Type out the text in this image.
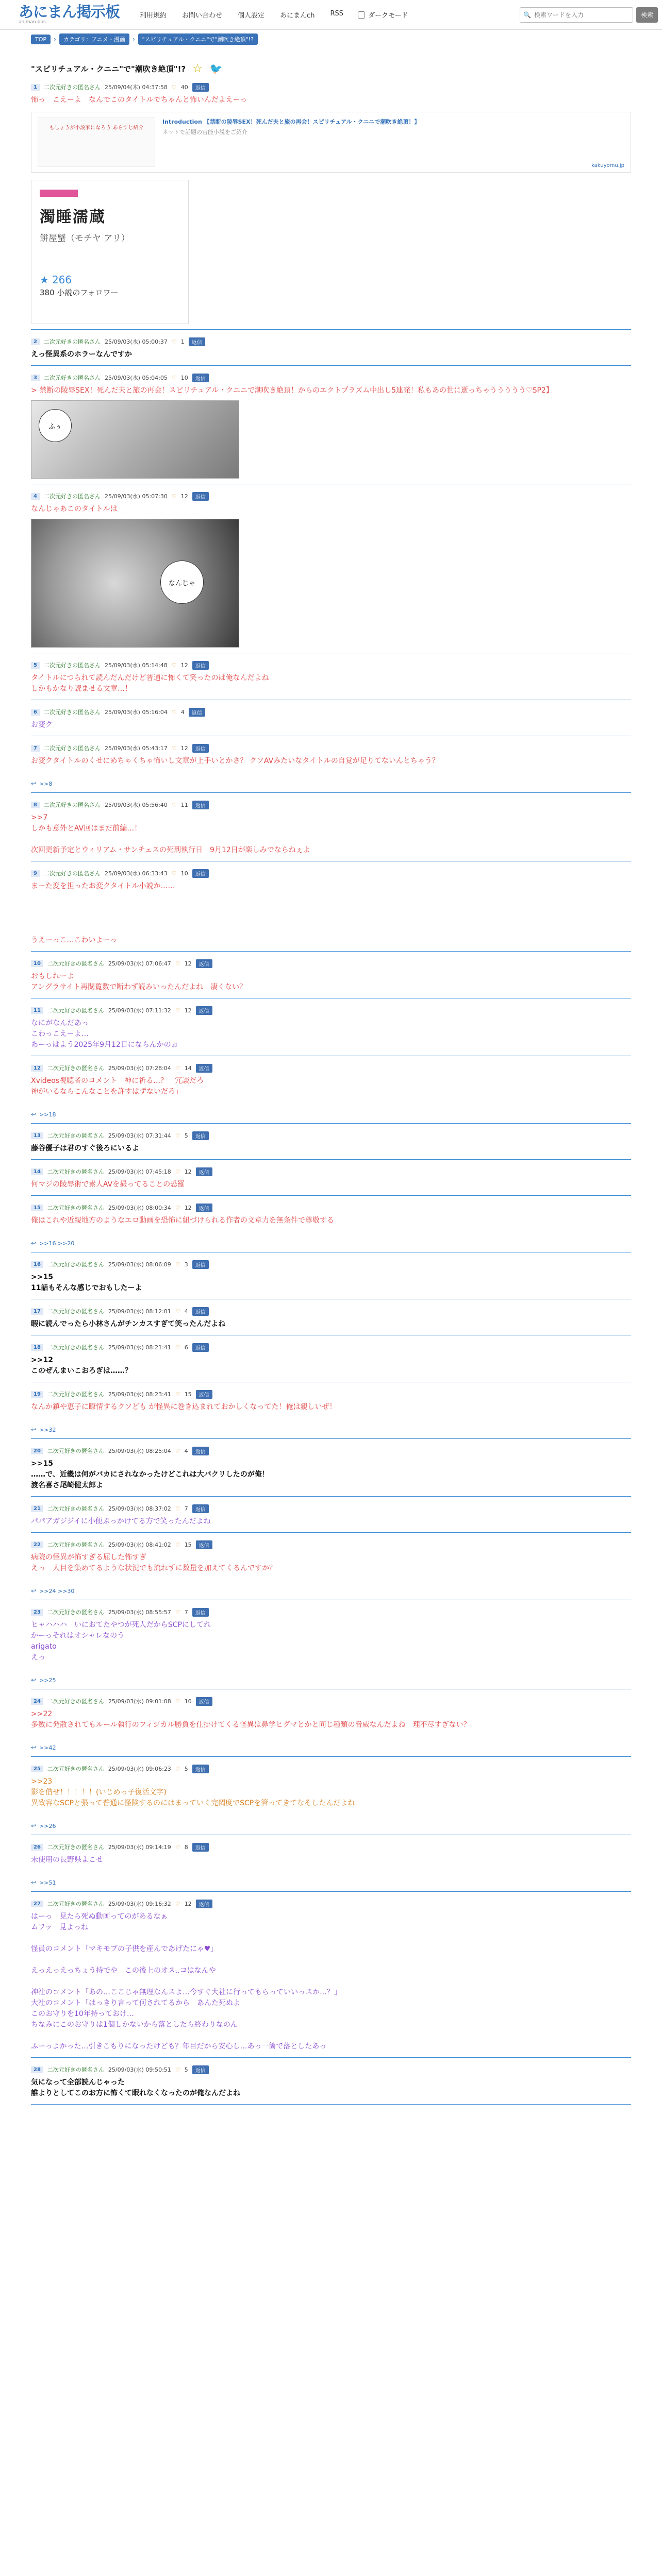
あにまん掲示板
animan bbs.
利用規約 お問い合わせ 個人設定 あにまんch RSS	ダークモード	🔍
検索ワードを入力	検索
TOP	›	カテゴリ：アニメ・漫画	›	"スピリチュアル・クニニ"で"潮吹き絶頂"!?
"スピリチュアル・クニニ"で"潮吹き絶頂"!? ☆ 🐦
1	二次元好きの匿名さん 25/09/04(木) 04:37:58 ♡ 40	返信
怖っ　こえーよ　なんでこのタイトルでちゃんと怖いんだよえーっ
もしょうが小説家になろう あらすじ紹介
Introduction 【禁断の陵辱SEX！死んだ夫と旅の再会！スピリチュアル・クニニで潮吹き絶頂！】
ネットで話題の官能小説をご紹介
kakuyomu.jp
濁睡濡蔵
餅屋蟹（モチヤ アリ）
★ 266
380 小説のフォロワー
2	二次元好きの匿名さん 25/09/03(水) 05:00:37 ♡ 1	返信
えっ怪異系のホラーなんですか
3	二次元好きの匿名さん 25/09/03(水) 05:04:05 ♡ 10	返信
> 禁断の陵辱SEX！死んだ夫と旅の再会！スピリチュアル・クニニで潮吹き絶頂！からのエクトプラズム中出し5連発！私もあの世に逝っちゃううううう♡SP2】
ふぅ
4	二次元好きの匿名さん 25/09/03(水) 05:07:30 ♡ 12	返信
なんじゃあこのタイトルは
なんじゃ
5	二次元好きの匿名さん 25/09/03(水) 05:14:48 ♡ 12	返信
タイトルにつられて読んだんだけど普通に怖くて笑ったのは俺なんだよね
しかもかなり読ませる文章…！
6	二次元好きの匿名さん 25/09/03(水) 05:16:04 ♡ 4	返信
お変ク
7	二次元好きの匿名さん 25/09/03(水) 05:43:17 ♡ 12	返信
お変クタイトルのくせにめちゃくちゃ怖いし文章が上手いとかさ？ クソAVみたいなタイトルの自覚が足りてないんとちゃう？
↩ >>8
8	二次元好きの匿名さん 25/09/03(水) 05:56:40 ♡ 11	返信
>>7
しかも意外とAV回はまだ前編…！

次回更新予定とウィリアム・サンチェスの死刑執行日　9月12日が楽しみでならねぇよ
9	二次元好きの匿名さん 25/09/03(水) 06:33:43 ♡ 10	返信
まーた変を担ったお変クタイトル小説か……

うえーっこ…こわいよーっ
10	二次元好きの匿名さん 25/09/03(水) 07:06:47 ♡ 12	返信
おもしれーよ
アングラサイト再閲覧数で断わず読みいったんだよね　凄くない？
11	二次元好きの匿名さん 25/09/03(水) 07:11:32 ♡ 12	返信
なにがなんだあっ
こわっこえーよ…
あーっはよう2025年9月12日にならんかのぉ
12	二次元好きの匿名さん 25/09/03(水) 07:28:04 ♡ 14	返信
Xvideos視聴者のコメント「神に祈る…？　冗談だろ
神がいるならこんなことを許すはずないだろ」
↩ >>18
13	二次元好きの匿名さん 25/09/03(水) 07:31:44 ♡ 5	返信
藤谷優子は君のすぐ後ろにいるよ
14	二次元好きの匿名さん 25/09/03(水) 07:45:18 ♡ 12	返信
何マジの陵辱術で素人AVを撮ってることの恐羅
15	二次元好きの匿名さん 25/09/03(水) 08:00:34 ♡ 12	返信
俺はこれや近親地方のようなエロ動画を恐怖に紐づけられる作者の文章力を無条件で尊敬する
↩ >>16 >>20
16	二次元好きの匿名さん 25/09/03(水) 08:06:09 ♡ 3	返信
>>15
11話もそんな感じでおもしたーよ
17	二次元好きの匿名さん 25/09/03(水) 08:12:01 ♡ 4	返信
暇に読んでったら小林さんがチンカスすぎて笑ったんだよね
18	二次元好きの匿名さん 25/09/03(水) 08:21:41 ♡ 6	返信
>>12
このぜんまいこおろぎは……？
19	二次元好きの匿名さん 25/09/03(水) 08:23:41 ♡ 15	返信
なんか鎮や恵子に瞭情するクソども が怪異に巻き込まれておかしくなってた！俺は親しいぜ！
↩ >>32
20	二次元好きの匿名さん 25/09/03(水) 08:25:04 ♡ 4	返信
>>15
……で、近畿は何がバカにされなかったけどこれは大バクリしたのが俺！
渡名喜さ尾崎健太郎よ
21	二次元好きの匿名さん 25/09/03(水) 08:37:02 ♡ 7	返信
パパアガジジイに小便ぶっかけてる方で笑ったんだよね
22	二次元好きの匿名さん 25/09/03(水) 08:41:02 ♡ 15	返信
病院の怪異が怖すぎる屈した怖すぎ
えっ　人目を集めてるような状況でも流れずに数量を加えてくるんですか？
↩ >>24 >>30
23	二次元好きの匿名さん 25/09/03(水) 08:55:57 ♡ 7	返信
ヒャハハハ　いにおてたやつが死人だからSCPにしてれ
かーっそれはオシャレなのう
arigato
えっ
↩ >>25
24	二次元好きの匿名さん 25/09/03(水) 09:01:08 ♡ 10	返信
>>22
多数に発散されてもルール執行のフィジカル勝負を仕掛けてくる怪異は鼻学ヒグマとかと同じ種類の脅威なんだよね　理不尽すぎない？
↩ >>42
25	二次元好きの匿名さん 25/09/03(水) 09:06:23 ♡ 5	返信
>>23
影を借せ！！！！！(いじめっ子復活文字)
異致容なSCPと張って普通に怪険するのにはまっていく完悶度でSCPを管ってきてなそしたんだよね
↩ >>26
26	二次元好きの匿名さん 25/09/03(水) 09:14:19 ♡ 8	返信
未使用の長野県よこせ
↩ >>51
27	二次元好きの匿名さん 25/09/03(水) 09:16:32 ♡ 12	返信
はーっ　見たら死ぬ動画ってのがあるなぁ
ムフッ　見よっね

怪員のコメント「マキモブの子供を産んであげたにゃ♥」

えっえっえっちょう持でや　この後上のオス..コはなんや

神社のコメント「あの…ここじゃ無理なんスよ…今すぐ大社に行ってもらっていいっスか…？」
大社のコメント「はっきり言って何されてるから　あんた死ぬよ
このお守りを10年持っておけ…
ちなみにこのお守りは1個しかないから落としたら終わりなのん」

ふーっよかった…引きこもりになったけども？年目だから安心し…あっ一箇で落としたあっ
28	二次元好きの匿名さん 25/09/03(水) 09:50:51 ♡ 5	返信
気になって全部読んじゃった
誰よりとしてこのお方に怖くて眠れなくなったのが俺なんだよね
